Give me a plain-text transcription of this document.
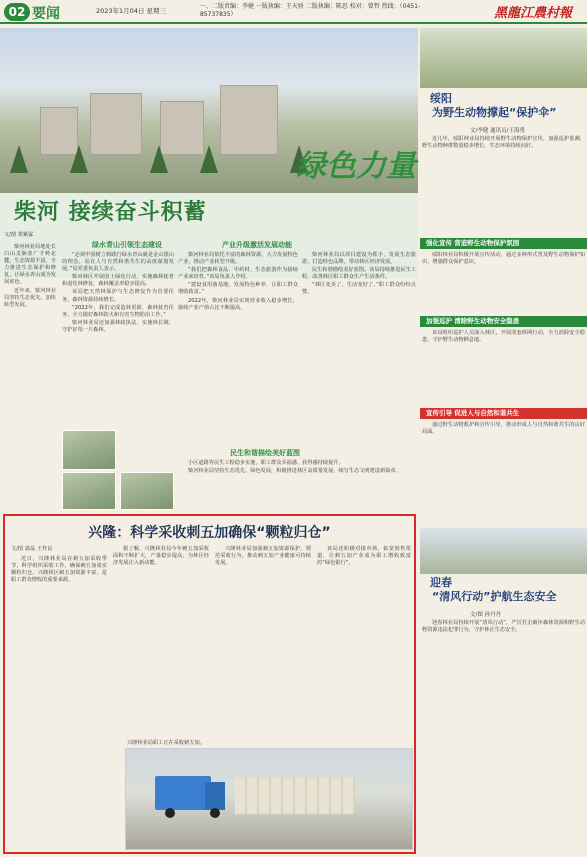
02 要闻	2023年1月04日 星期三
一、二版责编：李健 一版执编：王天骄 二版执编：陈思 校对：曾哲 热线：（0451-85737835）	黑龍江農村報
柴河 接续奋斗积蓄
绿色力量
文/图 郑紫霖

柴河林业局地处长白山支脉张广才岭北麓，生态资源丰富，全力推进生态保护和修复，让绿水青山成为发展底色。

近年来，柴河林业局坚持生态优先，加快转型发展。

绿水青山引领生态建设

“必须牢固树立和践行绿水青山就是金山银山的理念，站在人与自然和谐共生的高度谋划发展。”局党委负责人表示。

柴河林区开展国土绿化行动，实施森林抚育和退化林修复，森林覆盖率稳步提高。

该局把天然林保护与生态修复作为首要任务，森林资源持续增长。

“2022年，我们完成造林更新、森林抚育任务，全力做好森林防火和有害生物防治工作。”

柴河林业局还加强林政执法，实施林长制，守护好每一片森林。

产业升级激活发展动能

柴河林业局依托丰富的森林资源，大力发展特色产业，推动产业转型升级。

“我们把森林食品、中药材、生态旅游作为接续产业来培育。”该局负责人介绍。

“建设食用菌基地，发展特色种养，让职工群众增收致富。”

2022年，柴河林业局实现营业收入稳步增长，接续产业产值占比不断提高。

柴河林业局以项目建设为抓手，发展生态旅游，打造特色品牌，带动林区经济发展。

民生和谐描绘美好蓝图。该局持续推进民生工程，改善林区职工群众生产生活条件。

“林区变美了，生活变好了。”职工群众纷纷点赞。

民生和谐描绘美好蓝图

小区道路等民生工程稳步实施，职工群众幸福感、获得感持续提升。

柴河林业局坚持生态优先、绿色发展，积极推进林区高质量发展，续写生态文明建设新篇章。

绥阳
为野生动物撑起“保护伞”
文/李健 通讯员/王海勇

近几年，绥阳林业局持续开展野生动物保护宣传，加强巡护监测，野生动物种群数量稳步增长，生态环境持续向好。

强化宣传 营造野生动物保护氛围

绥阳林业局积极开展宣传活动，通过多种形式普及野生动物保护知识，增强群众保护意识。

加强巡护 清除野生动物安全隐患

该局组织巡护人员深入林区，开展清套拆网行动，全力消除安全隐患，守护野生动物栖息地。

宣传引导 促进人与自然和谐共生

通过野生动物救护和宣传引导，推动形成人与自然和谐共生的良好局面。

迎春
“清风行动”护航生态安全
文/图 孙丹丹

迎春林业局持续开展“清风行动”，严厉打击破坏森林资源和野生动物资源违法犯罪行为，守护林区生态安全。

兴隆：科学采收刺五加确保“颗粒归仓”
文/图 郭晶 王作良

近日，兴隆林业局在刺五加采收季节，科学组织采收工作，确保刺五加果实颗粒归仓。兴隆林区刺五加资源丰富，是职工群众增收的重要来源。

据了解，兴隆林业局今年刺五加采收面积不断扩大，产量稳步提高，为林区经济发展注入新动能。

兴隆林业局加强刺五加资源保护，规范采收行为，推动刺五加产业健康可持续发展。

该局还积极对接市场，拓宽销售渠道，让刺五加产业成为职工增收致富的“绿色银行”。

兴隆林业局职工正在采收刺五加。
